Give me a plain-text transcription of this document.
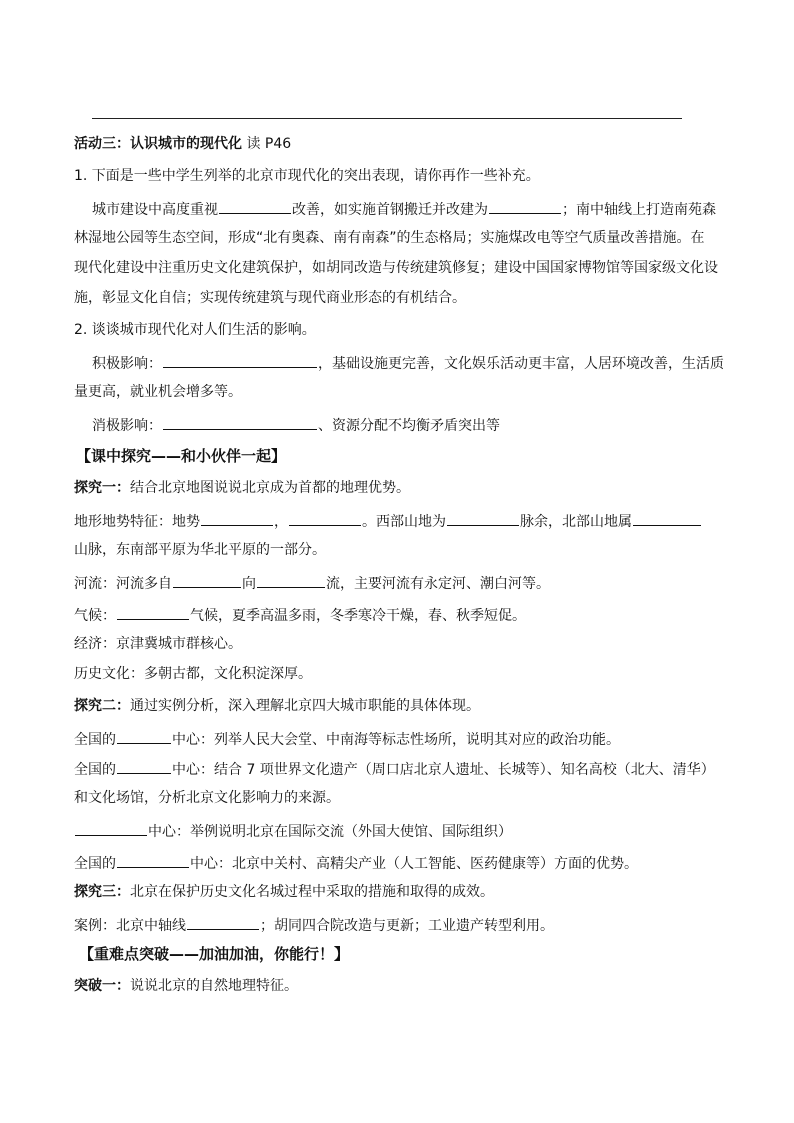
活动三：认识城市的现代化 读 P46
1. 下面是一些中学生列举的北京市现代化的突出表现，请你再作一些补充。
城市建设中高度重视	改善，如实施首钢搬迁并改建为	；南中轴线上打造南苑森
林湿地公园等生态空间，形成“北有奥森、南有南森”的生态格局；实施煤改电等空气质量改善措施。在
现代化建设中注重历史文化建筑保护，如胡同改造与传统建筑修复；建设中国国家博物馆等国家级文化设
施，彰显文化自信；实现传统建筑与现代商业形态的有机结合。
2. 谈谈城市现代化对人们生活的影响。
积极影响：	，基础设施更完善，文化娱乐活动更丰富，人居环境改善，生活质
量更高，就业机会增多等。
消极影响：	、资源分配不均衡矛盾突出等
【课中探究——和小伙伴一起】
探究一：结合北京地图说说北京成为首都的地理优势。
地形地势特征：地势	，	。西部山地为	脉余，北部山地属
山脉，东南部平原为华北平原的一部分。
河流：河流多自	向	流，主要河流有永定河、潮白河等。
气候：	气候，夏季高温多雨，冬季寒冷干燥，春、秋季短促。
经济：京津冀城市群核心。
历史文化：多朝古都，文化积淀深厚。
探究二：通过实例分析，深入理解北京四大城市职能的具体体现。
全国的	中心：列举人民大会堂、中南海等标志性场所，说明其对应的政治功能。
全国的	中心：结合 7 项世界文化遗产（周口店北京人遗址、长城等）、知名高校（北大、清华）
和文化场馆，分析北京文化影响力的来源。
中心：举例说明北京在国际交流（外国大使馆、国际组织）
全国的	中心：北京中关村、高精尖产业（人工智能、医药健康等）方面的优势。
探究三：北京在保护历史文化名城过程中采取的措施和取得的成效。
案例：北京中轴线	；胡同四合院改造与更新；工业遗产转型利用。
【重难点突破——加油加油，你能行！】
突破一：说说北京的自然地理特征。
